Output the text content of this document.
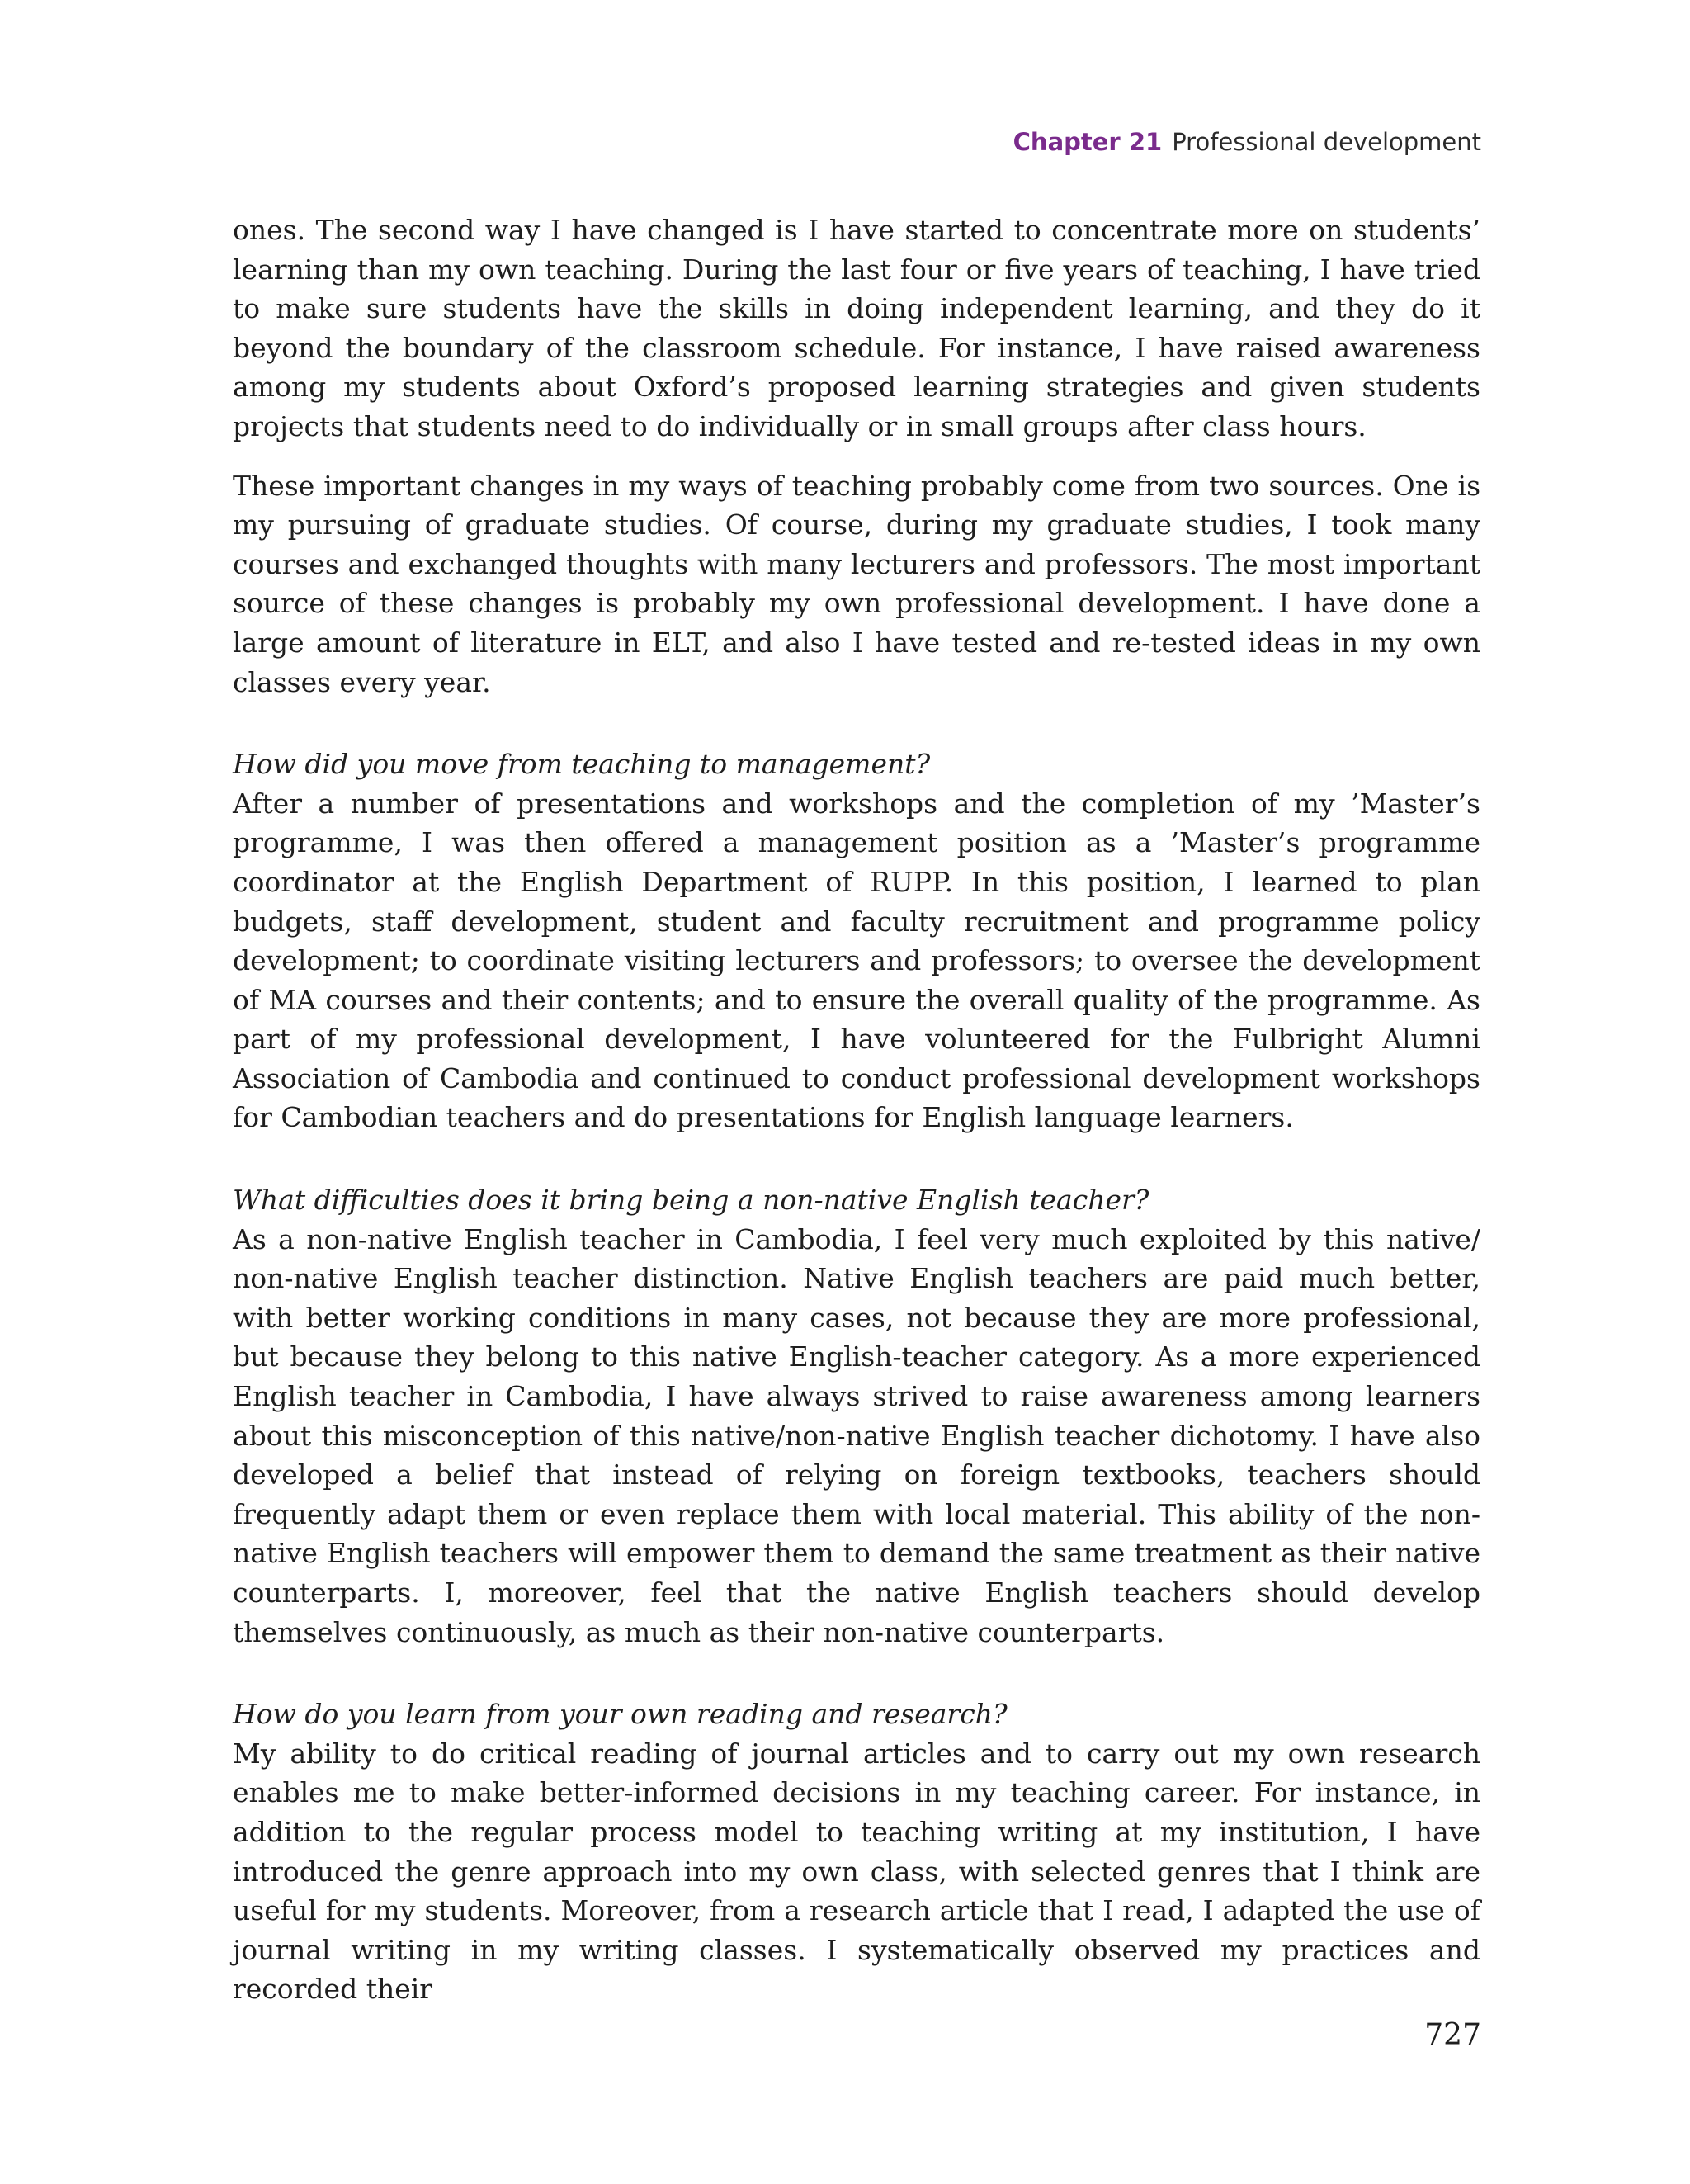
Chapter 21 Professional development

ones. The second way I have changed is I have started to concentrate more on students’ learning than my own teaching. During the last four or five years of teaching, I have tried to make sure students have the skills in doing independent learning, and they do it beyond the boundary of the classroom schedule. For instance, I have raised awareness among my students about Oxford’s proposed learning strategies and given students projects that students need to do individually or in small groups after class hours.

These important changes in my ways of teaching probably come from two sources. One is my pursuing of graduate studies. Of course, during my graduate studies, I took many courses and exchanged thoughts with many lecturers and professors. The most important source of these changes is probably my own professional development. I have done a large amount of literature in ELT, and also I have tested and re-tested ideas in my own classes every year.

How did you move from teaching to management?

After a number of presentations and workshops and the completion of my ’Master’s programme, I was then offered a management position as a ’Master’s programme coordinator at the English Department of RUPP. In this position, I learned to plan budgets, staff development, student and faculty recruitment and programme policy development; to coordinate visiting lecturers and professors; to oversee the development of MA courses and their contents; and to ensure the overall quality of the programme. As part of my professional development, I have volunteered for the Fulbright Alumni Association of Cambodia and continued to conduct professional development workshops for Cambodian teachers and do presentations for English language learners.

What difficulties does it bring being a non-native English teacher?

As a non-native English teacher in Cambodia, I feel very much exploited by this native/ non-native English teacher distinction. Native English teachers are paid much better, with better working conditions in many cases, not because they are more professional, but because they belong to this native English-teacher category. As a more experienced English teacher in Cambodia, I have always strived to raise awareness among learners about this misconception of this native/non-native English teacher dichotomy. I have also developed a belief that instead of relying on foreign textbooks, teachers should frequently adapt them or even replace them with local material. This ability of the non-native English teachers will empower them to demand the same treatment as their native counterparts. I, moreover, feel that the native English teachers should develop themselves continuously, as much as their non-native counterparts.

How do you learn from your own reading and research?

My ability to do critical reading of journal articles and to carry out my own research enables me to make better-informed decisions in my teaching career. For instance, in addition to the regular process model to teaching writing at my institution, I have introduced the genre approach into my own class, with selected genres that I think are useful for my students. Moreover, from a research article that I read, I adapted the use of journal writing in my writing classes. I systematically observed my practices and recorded their

727
